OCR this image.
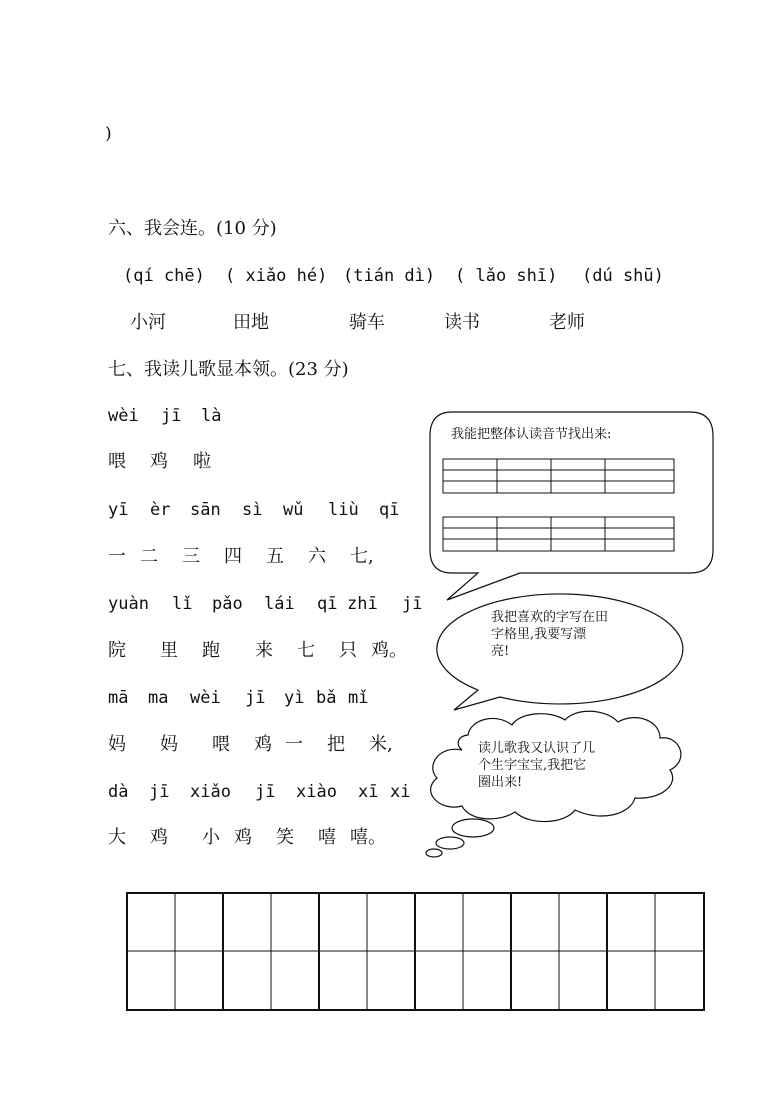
)
六、我会连。(10 分)
(qí chē) ( xiǎo hé) (tián dì) ( lǎo shī) (dú shū)
小河	田地	骑车	读书	老师
七、我读儿歌显本领。(23 分)
wèi jī là
喂 鸡 啦
yī èr sān sì wǔ liù qī
一 二 三 四 五 六 七,
yuàn lǐ pǎo lái qī zhī jī
院 里 跑 来 七 只 鸡。
mā ma wèi jī yì bǎ mǐ
妈 妈 喂 鸡 一 把 米,
dà jī xiǎo jī xiào xī xi
大 鸡 小 鸡 笑 嘻 嘻。
我能把整体认读音节找出来:
我把喜欢的字写在田
字格里,我要写漂
亮!
读儿歌我又认识了几
个生字宝宝,我把它
圈出来!
